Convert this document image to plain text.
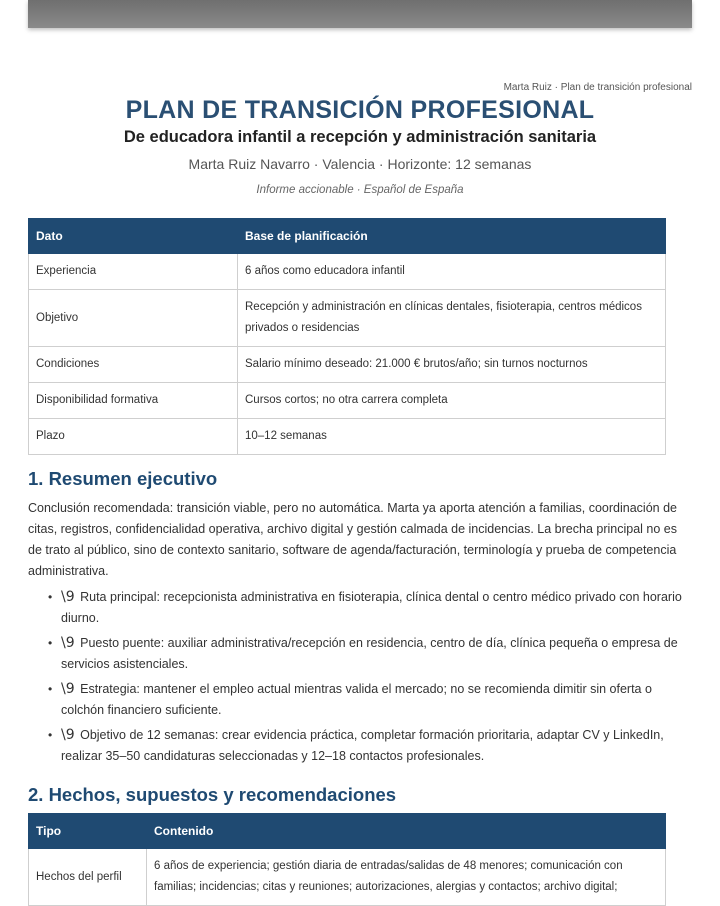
Marta Ruiz · Plan de transición profesional
PLAN DE TRANSICIÓN PROFESIONAL
De educadora infantil a recepción y administración sanitaria
Marta Ruiz Navarro · Valencia · Horizonte: 12 semanas
Informe accionable · Español de España
Dato	Base de planificación
Experiencia	6 años como educadora infantil
Objetivo	Recepción y administración en clínicas dentales, fisioterapia, centros médicos privados o residencias
Condiciones	Salario mínimo deseado: 21.000 € brutos/año; sin turnos nocturnos
Disponibilidad formativa	Cursos cortos; no otra carrera completa
Plazo	10–12 semanas
1. Resumen ejecutivo

Conclusión recomendada: transición viable, pero no automática. Marta ya aporta atención a familias, coordinación de citas, registros, confidencialidad operativa, archivo digital y gestión calmada de incidencias. La brecha principal no es de trato al público, sino de contexto sanitario, software de agenda/facturación, terminología y prueba de competencia administrativa.

• \9 Ruta principal: recepcionista administrativa en fisioterapia, clínica dental o centro médico privado con horario diurno.
• \9 Puesto puente: auxiliar administrativa/recepción en residencia, centro de día, clínica pequeña o empresa de servicios asistenciales.
• \9 Estrategia: mantener el empleo actual mientras valida el mercado; no se recomienda dimitir sin oferta o colchón financiero suficiente.
• \9 Objetivo de 12 semanas: crear evidencia práctica, completar formación prioritaria, adaptar CV y LinkedIn, realizar 35–50 candidaturas seleccionadas y 12–18 contactos profesionales.
2. Hechos, supuestos y recomendaciones
Tipo	Contenido
Hechos del perfil	6 años de experiencia; gestión diaria de entradas/salidas de 48 menores; comunicación con familias; incidencias; citas y reuniones; autorizaciones, alergias y contactos; archivo digital;
